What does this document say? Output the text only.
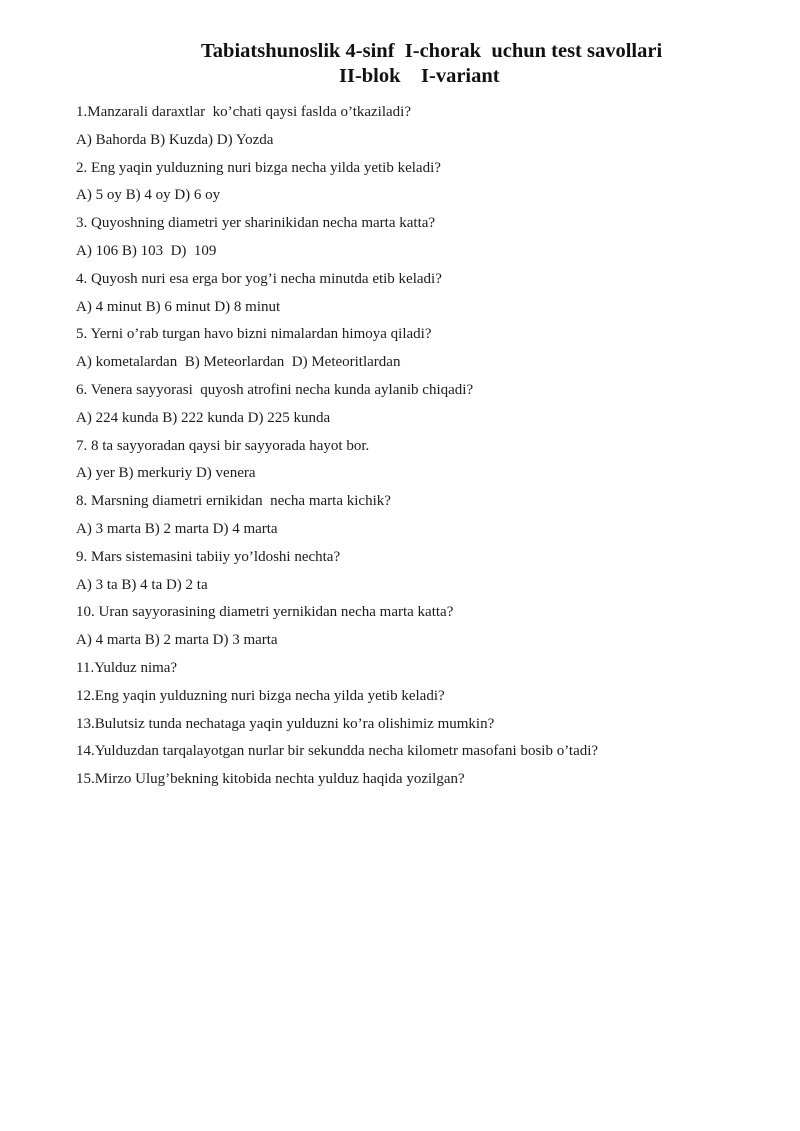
Tabiatshunoslik 4-sinf  I-chorak  uchun test savollari
II-blok    I-variant
1.Manzarali daraxtlar  ko’chati qaysi faslda o’tkaziladi?
A) Bahorda B) Kuzda) D) Yozda
2. Eng yaqin yulduzning nuri bizga necha yilda yetib keladi?
A) 5 oy B) 4 oy D) 6 oy
3. Quyoshning diametri yer sharinikidan necha marta katta?
A) 106 B) 103  D)  109
4. Quyosh nuri esa erga bor yog’i necha minutda etib keladi?
A) 4 minut B) 6 minut D) 8 minut
5. Yerni o’rab turgan havo bizni nimalardan himoya qiladi?
A) kometalardan  B) Meteorlardan  D) Meteoritlardan
6. Venera sayyorasi  quyosh atrofini necha kunda aylanib chiqadi?
A) 224 kunda B) 222 kunda D) 225 kunda
7. 8 ta sayyoradan qaysi bir sayyorada hayot bor.
A) yer B) merkuriy D) venera
8. Marsning diametri ernikidan  necha marta kichik?
A) 3 marta B) 2 marta D) 4 marta
9. Mars sistemasini tabiiy yo’ldoshi nechta?
A) 3 ta B) 4 ta D) 2 ta
10. Uran sayyorasining diametri yernikidan necha marta katta?
A) 4 marta B) 2 marta D) 3 marta
11.Yulduz nima?
12.Eng yaqin yulduzning nuri bizga necha yilda yetib keladi?
13.Bulutsiz tunda nechataga yaqin yulduzni ko’ra olishimiz mumkin?
14.Yulduzdan tarqalayotgan nurlar bir sekundda necha kilometr masofani bosib o’tadi?
15.Mirzo Ulug’bekning kitobida nechta yulduz haqida yozilgan?
